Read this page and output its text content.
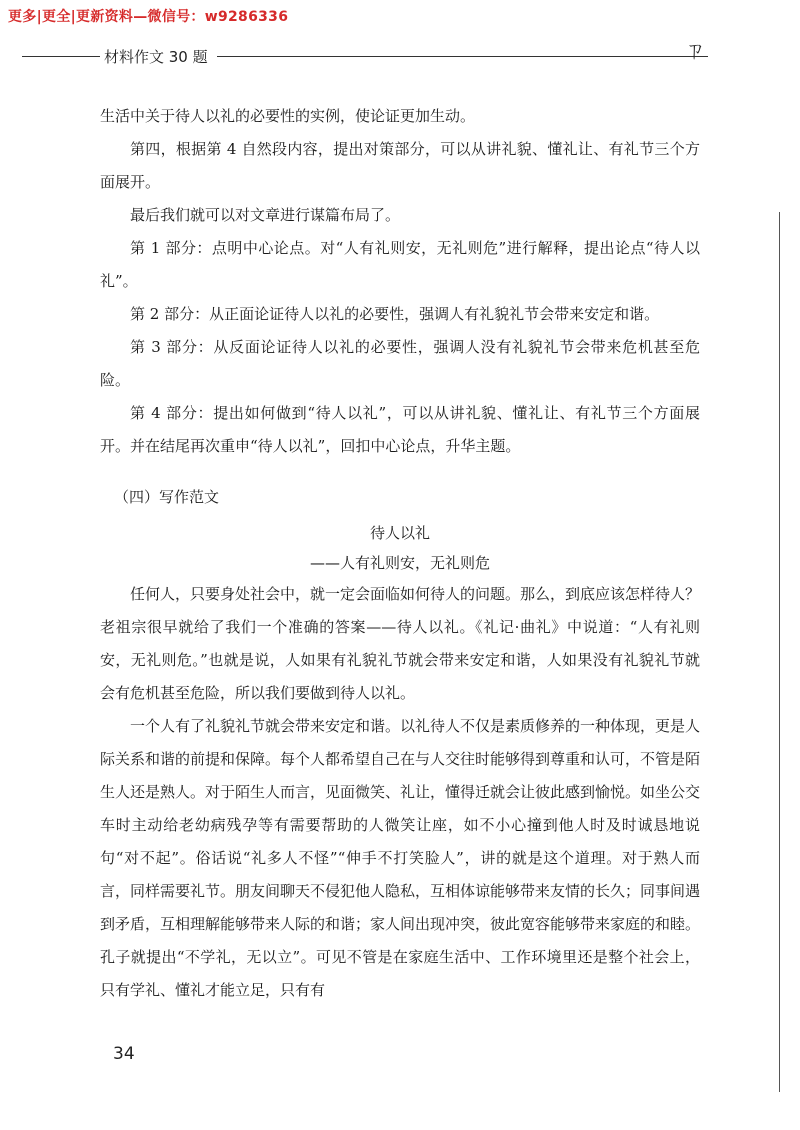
更多|更全|更新资料—微信号：w9286336
材料作文 30 题	ㄗ

生活中关于待人以礼的必要性的实例，使论证更加生动。

第四，根据第 4 自然段内容，提出对策部分，可以从讲礼貌、懂礼让、有礼节三个方面展开。

最后我们就可以对文章进行谋篇布局了。

第 1 部分：点明中心论点。对“人有礼则安，无礼则危”进行解释，提出论点“待人以礼”。

第 2 部分：从正面论证待人以礼的必要性，强调人有礼貌礼节会带来安定和谐。

第 3 部分：从反面论证待人以礼的必要性，强调人没有礼貌礼节会带来危机甚至危险。

第 4 部分：提出如何做到“待人以礼”，可以从讲礼貌、懂礼让、有礼节三个方面展开。并在结尾再次重申“待人以礼”，回扣中心论点，升华主题。

（四）写作范文

待人以礼

——人有礼则安，无礼则危

任何人，只要身处社会中，就一定会面临如何待人的问题。那么，到底应该怎样待人？老祖宗很早就给了我们一个准确的答案——待人以礼。《礼记·曲礼》中说道：“人有礼则安，无礼则危。”也就是说，人如果有礼貌礼节就会带来安定和谐，人如果没有礼貌礼节就会有危机甚至危险，所以我们要做到待人以礼。

一个人有了礼貌礼节就会带来安定和谐。以礼待人不仅是素质修养的一种体现，更是人际关系和谐的前提和保障。每个人都希望自己在与人交往时能够得到尊重和认可，不管是陌生人还是熟人。对于陌生人而言，见面微笑、礼让，懂得迁就会让彼此感到愉悦。如坐公交车时主动给老幼病残孕等有需要帮助的人微笑让座，如不小心撞到他人时及时诚恳地说句“对不起”。俗话说“礼多人不怪”“伸手不打笑脸人”，讲的就是这个道理。对于熟人而言，同样需要礼节。朋友间聊天不侵犯他人隐私，互相体谅能够带来友情的长久；同事间遇到矛盾，互相理解能够带来人际的和谐；家人间出现冲突，彼此宽容能够带来家庭的和睦。孔子就提出“不学礼，无以立”。可见不管是在家庭生活中、工作环境里还是整个社会上，只有学礼、懂礼才能立足，只有有

34
